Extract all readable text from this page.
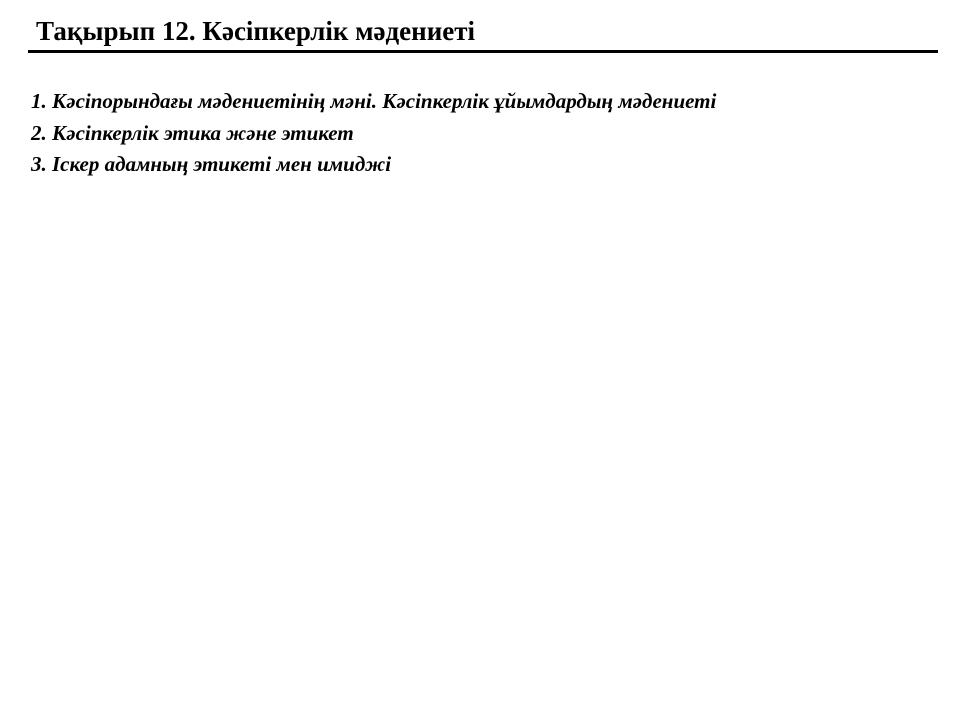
Тақырып 12. Кәсіпкерлік мәдениеті
1. Кәсіпорындағы мәдениетінің мәні. Кәсіпкерлік ұйымдардың мәдениеті
2. Кәсіпкерлік этика және этикет
3. Іскер адамның этикеті мен имиджі
